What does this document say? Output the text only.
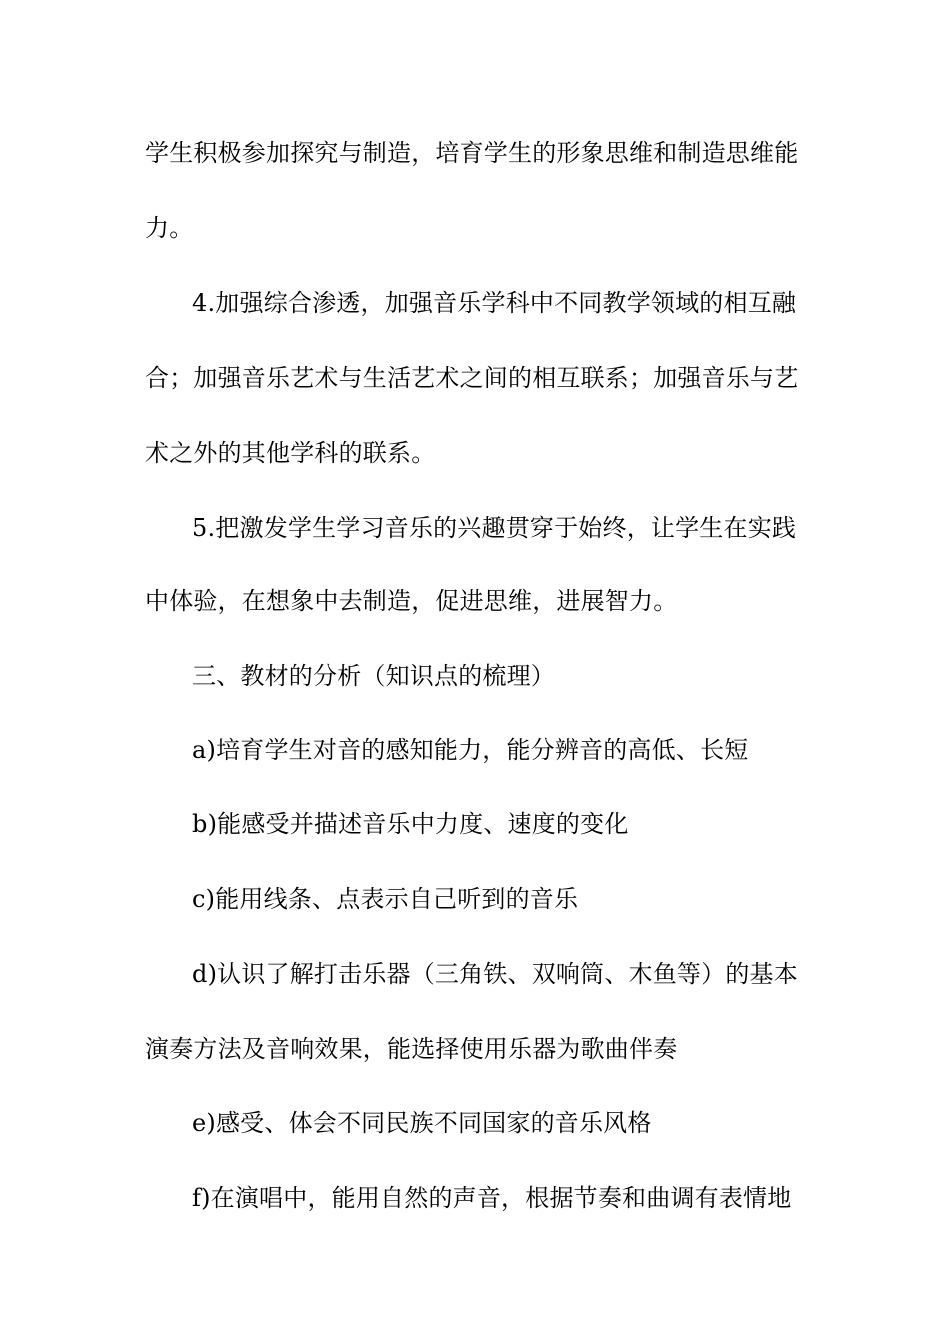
学生积极参加探究与制造，培育学生的形象思维和制造思维能
力。
4.加强综合渗透，加强音乐学科中不同教学领域的相互融
合；加强音乐艺术与生活艺术之间的相互联系；加强音乐与艺
术之外的其他学科的联系。
5.把激发学生学习音乐的兴趣贯穿于始终，让学生在实践
中体验，在想象中去制造，促进思维，进展智力。
三、教材的分析（知识点的梳理）
a)培育学生对音的感知能力，能分辨音的高低、长短
b)能感受并描述音乐中力度、速度的变化
c)能用线条、点表示自己听到的音乐
d)认识了解打击乐器（三角铁、双响筒、木鱼等）的基本
演奏方法及音响效果，能选择使用乐器为歌曲伴奏
e)感受、体会不同民族不同国家的音乐风格
f)在演唱中，能用自然的声音，根据节奏和曲调有表情地
